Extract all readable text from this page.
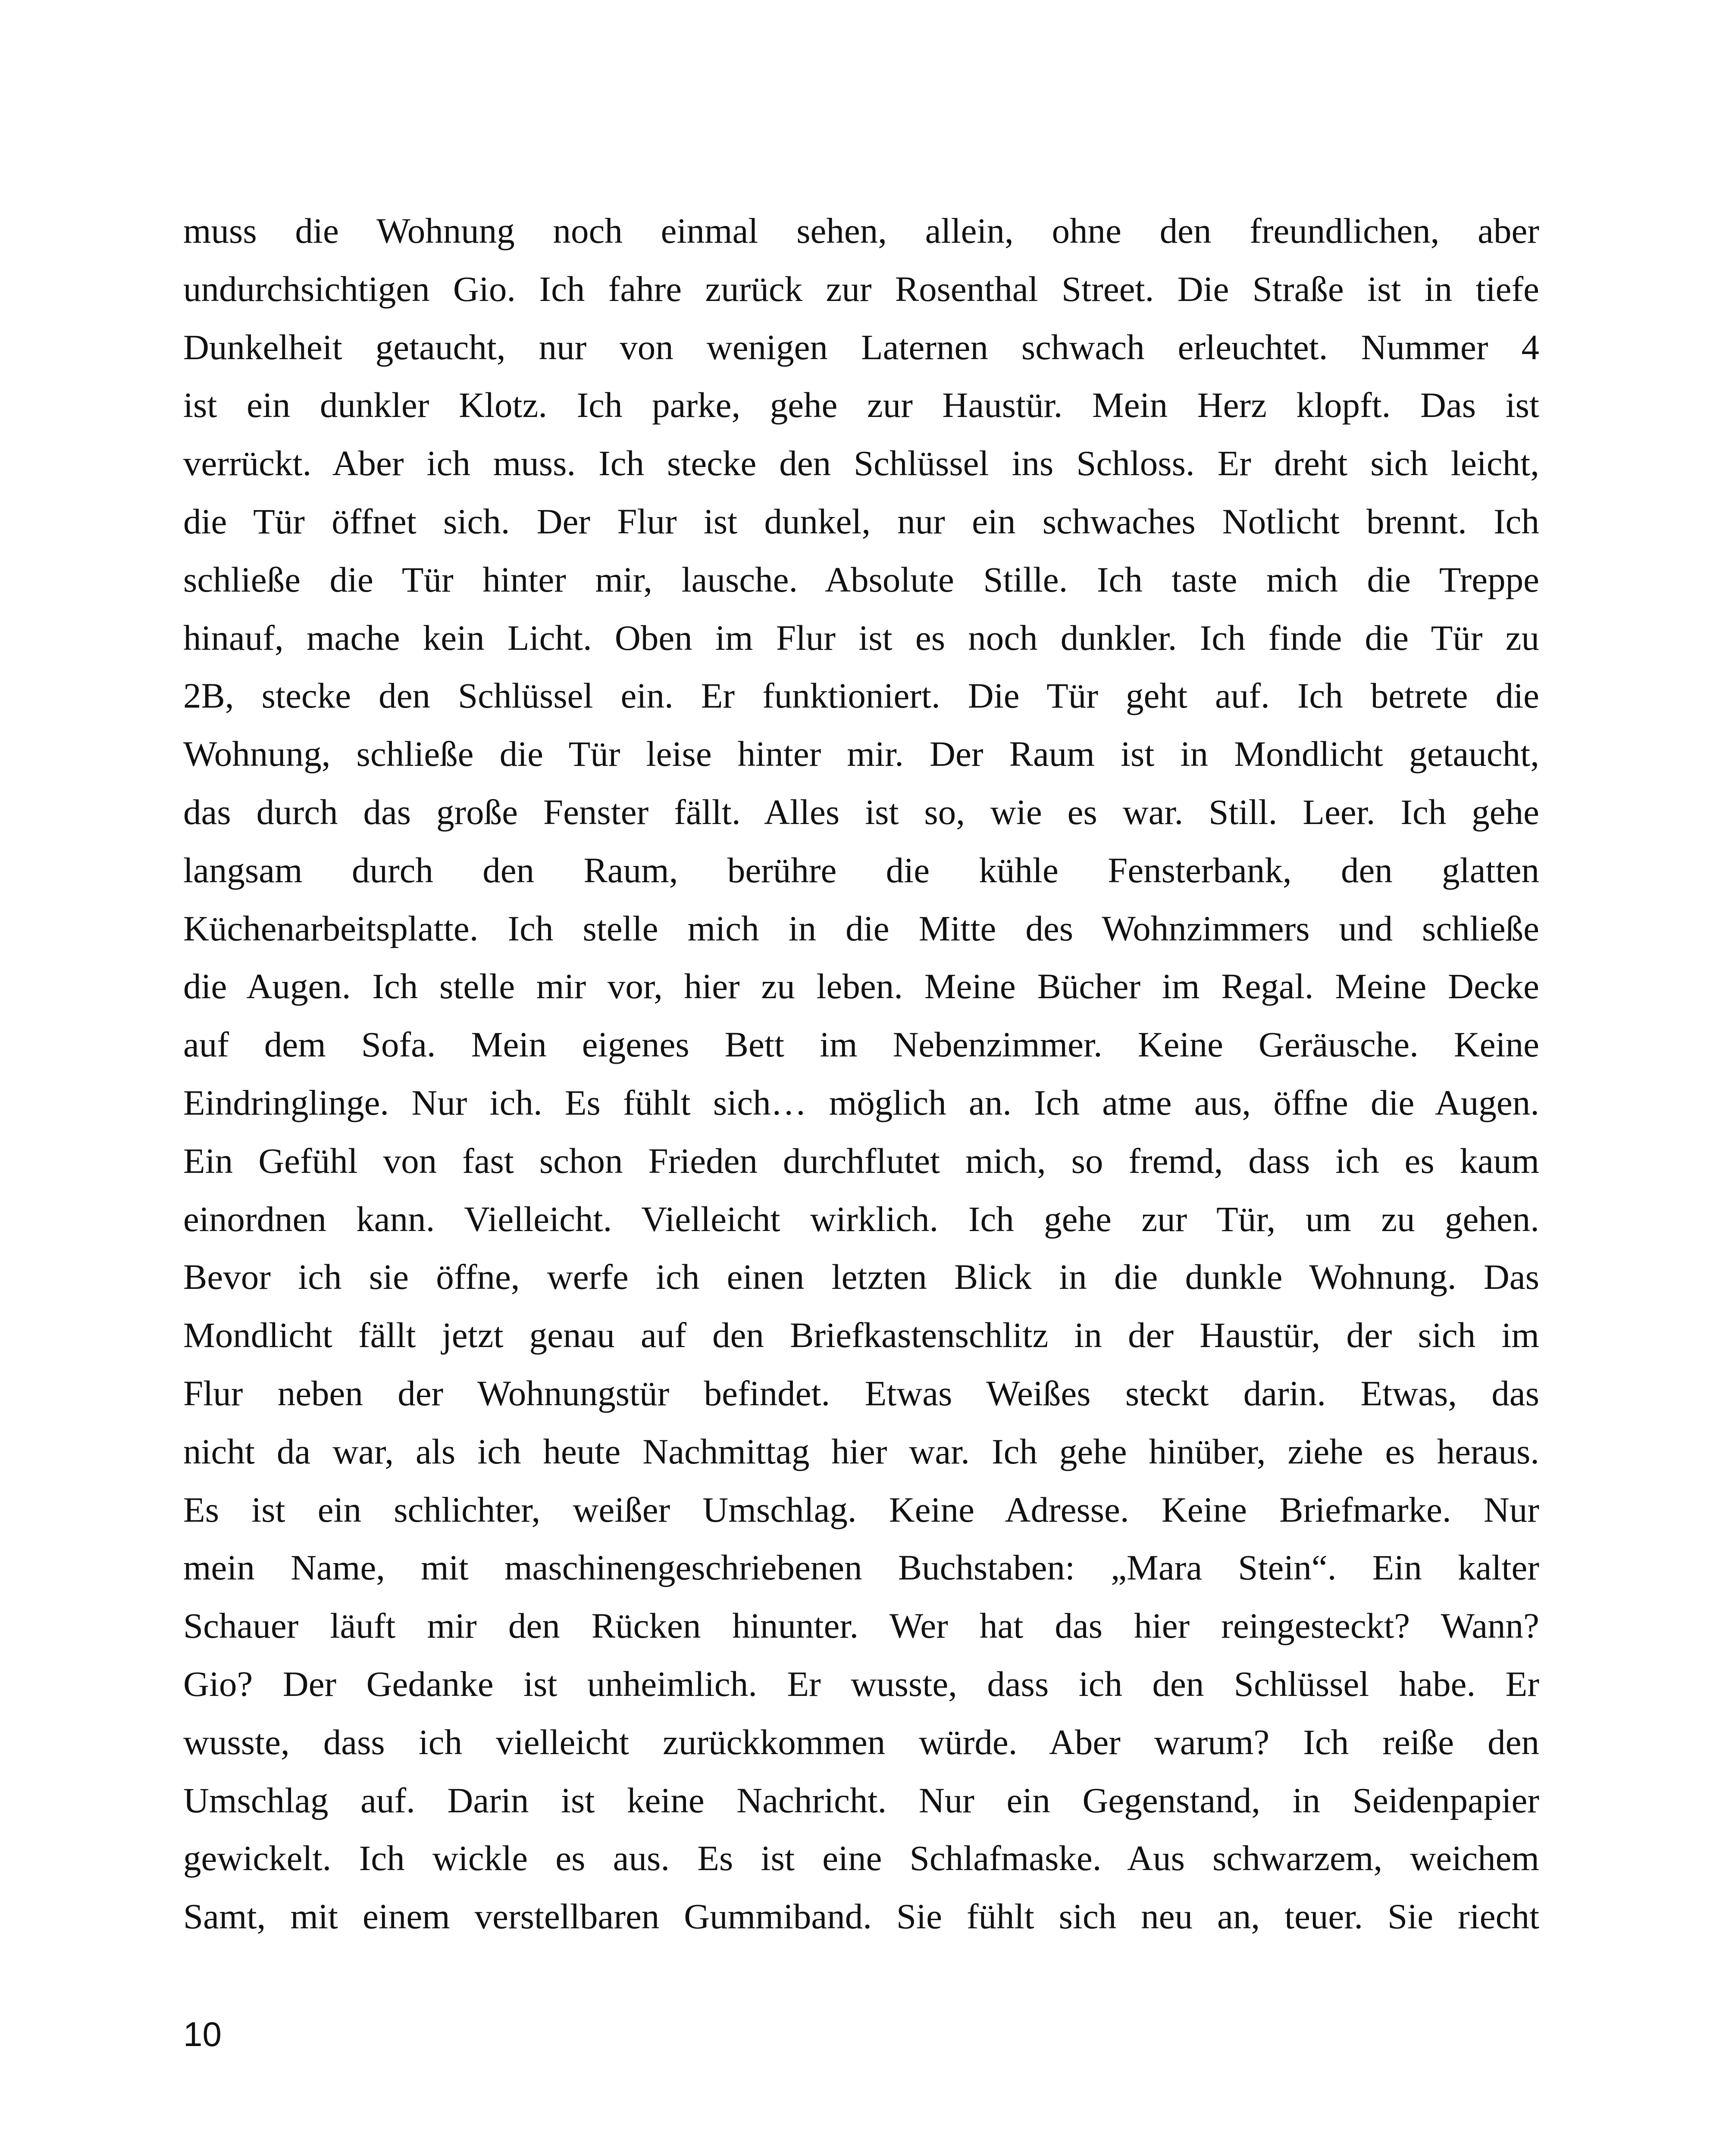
muss die Wohnung noch einmal sehen, allein, ohne den freundlichen, aber
undurchsichtigen Gio. Ich fahre zurück zur Rosenthal Street. Die Straße ist in tiefe
Dunkelheit getaucht, nur von wenigen Laternen schwach erleuchtet. Nummer 4
ist ein dunkler Klotz. Ich parke, gehe zur Haustür. Mein Herz klopft. Das ist
verrückt. Aber ich muss. Ich stecke den Schlüssel ins Schloss. Er dreht sich leicht,
die Tür öffnet sich. Der Flur ist dunkel, nur ein schwaches Notlicht brennt. Ich
schließe die Tür hinter mir, lausche. Absolute Stille. Ich taste mich die Treppe
hinauf, mache kein Licht. Oben im Flur ist es noch dunkler. Ich finde die Tür zu
2B, stecke den Schlüssel ein. Er funktioniert. Die Tür geht auf. Ich betrete die
Wohnung, schließe die Tür leise hinter mir. Der Raum ist in Mondlicht getaucht,
das durch das große Fenster fällt. Alles ist so, wie es war. Still. Leer. Ich gehe
langsam durch den Raum, berühre die kühle Fensterbank, den glatten
Küchenarbeitsplatte. Ich stelle mich in die Mitte des Wohnzimmers und schließe
die Augen. Ich stelle mir vor, hier zu leben. Meine Bücher im Regal. Meine Decke
auf dem Sofa. Mein eigenes Bett im Nebenzimmer. Keine Geräusche. Keine
Eindringlinge. Nur ich. Es fühlt sich… möglich an. Ich atme aus, öffne die Augen.
Ein Gefühl von fast schon Frieden durchflutet mich, so fremd, dass ich es kaum
einordnen kann. Vielleicht. Vielleicht wirklich. Ich gehe zur Tür, um zu gehen.
Bevor ich sie öffne, werfe ich einen letzten Blick in die dunkle Wohnung. Das
Mondlicht fällt jetzt genau auf den Briefkastenschlitz in der Haustür, der sich im
Flur neben der Wohnungstür befindet. Etwas Weißes steckt darin. Etwas, das
nicht da war, als ich heute Nachmittag hier war. Ich gehe hinüber, ziehe es heraus.
Es ist ein schlichter, weißer Umschlag. Keine Adresse. Keine Briefmarke. Nur
mein Name, mit maschinengeschriebenen Buchstaben: „Mara Stein“. Ein kalter
Schauer läuft mir den Rücken hinunter. Wer hat das hier reingesteckt? Wann?
Gio? Der Gedanke ist unheimlich. Er wusste, dass ich den Schlüssel habe. Er
wusste, dass ich vielleicht zurückkommen würde. Aber warum? Ich reiße den
Umschlag auf. Darin ist keine Nachricht. Nur ein Gegenstand, in Seidenpapier
gewickelt. Ich wickle es aus. Es ist eine Schlafmaske. Aus schwarzem, weichem
Samt, mit einem verstellbaren Gummiband. Sie fühlt sich neu an, teuer. Sie riecht
10
